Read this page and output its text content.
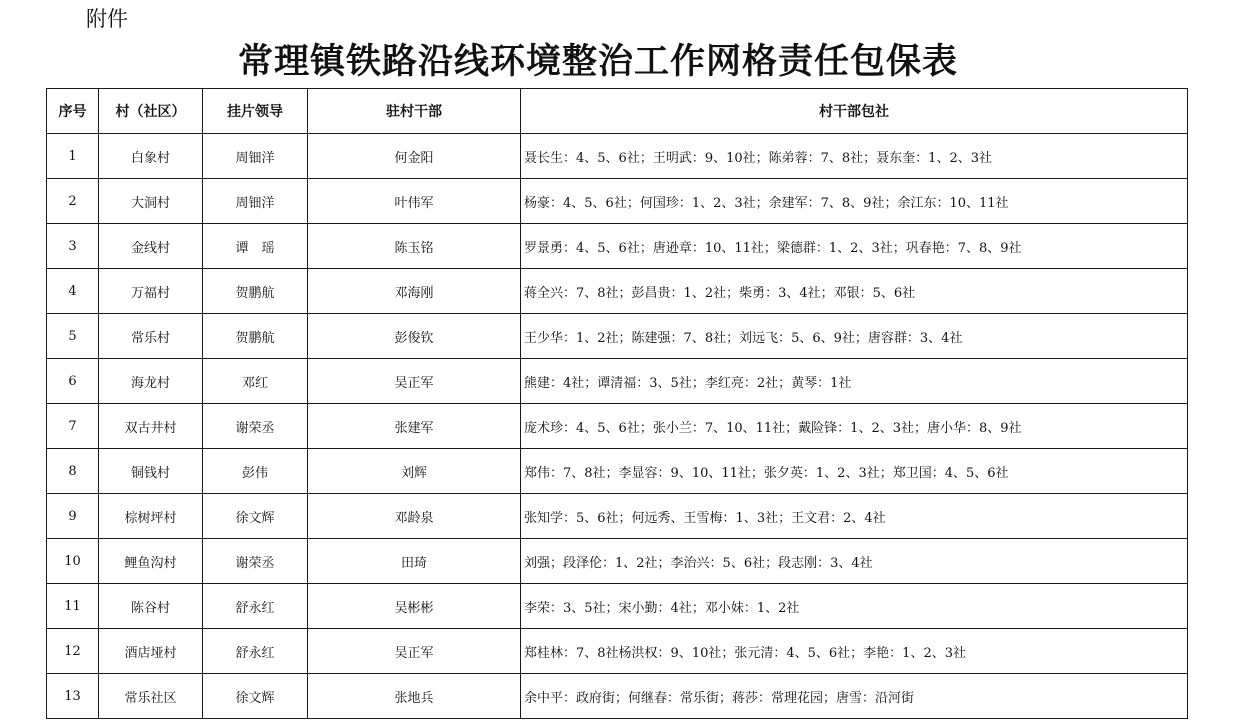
附件
常理镇铁路沿线环境整治工作网格责任包保表
序号	村（社区）	挂片领导	驻村干部	村干部包社
1	白象村	周钿洋	何金阳	聂长生：4、5、6社；王明武：9、10社；陈弟蓉：7、8社；聂东奎：1、2、3社
2	大洞村	周钿洋	叶伟军	杨豪：4、5、6社；何国珍：1、2、3社；余建军：7、8、9社；余江东：10、11社
3	金线村	谭　瑶	陈玉铭	罗景勇：4、5、6社；唐逊章：10、11社；梁德群：1、2、3社；巩春艳：7、8、9社
4	万福村	贺鹏航	邓海刚	蒋全兴：7、8社；彭昌贵：1、2社；柴勇：3、4社；邓银：5、6社
5	常乐村	贺鹏航	彭俊钦	王少华：1、2社；陈建强：7、8社；刘远飞：5、6、9社；唐容群：3、4社
6	海龙村	邓红	吴正军	熊建：4社；谭清福：3、5社；李红亮：2社；黄琴：1社
7	双古井村	谢荣丞	张建军	庞术珍：4、5、6社；张小兰：7、10、11社；戴险锋：1、2、3社；唐小华：8、9社
8	铜钱村	彭伟	刘辉	郑伟：7、8社；李显容：9、10、11社；张夕英：1、2、3社；郑卫国：4、5、6社
9	棕树坪村	徐文辉	邓龄泉	张知学：5、6社；何远秀、王雪梅：1、3社；王文君：2、4社
10	鲤鱼沟村	谢荣丞	田琦	刘强；段泽伦：1、2社；李治兴：5、6社；段志刚：3、4社
11	陈谷村	舒永红	吴彬彬	李荣：3、5社；宋小勤：4社；邓小妹：1、2社
12	酒店垭村	舒永红	吴正军	郑桂林：7、8社杨洪权：9、10社；张元清：4、5、6社；李艳：1、2、3社
13	常乐社区	徐文辉	张地兵	余中平：政府街；何继春：常乐街；蒋莎：常理花园；唐雪：沿河街
